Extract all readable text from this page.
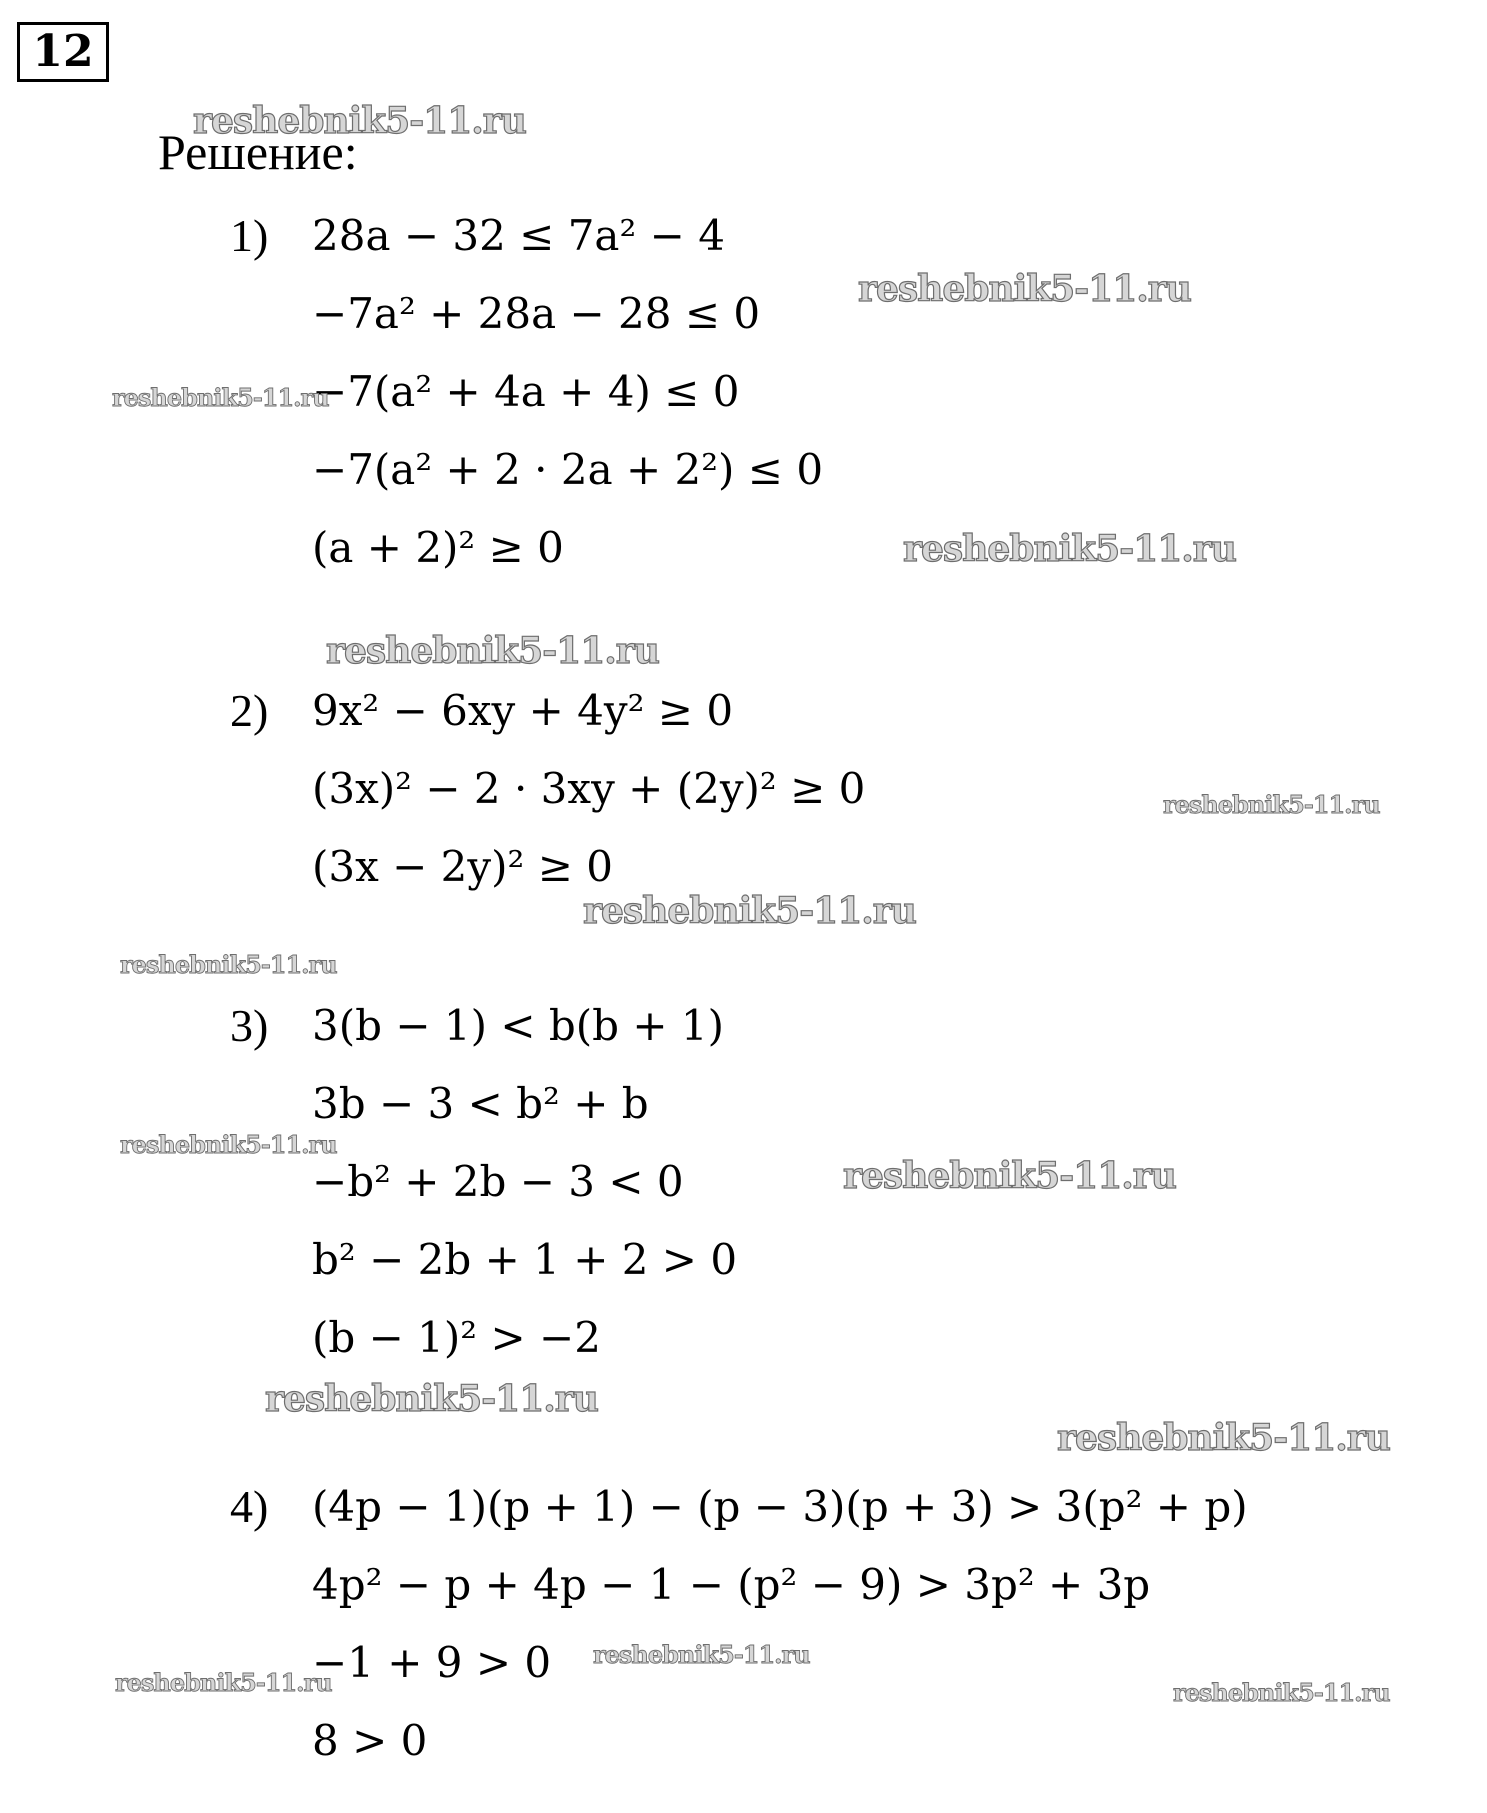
12
Решение:
1) 28a − 32 ≤ 7a² − 4
−7a² + 28a − 28 ≤ 0
−7(a² + 4a + 4) ≤ 0
−7(a² + 2 · 2a + 2²) ≤ 0
(a + 2)² ≥ 0
2) 9x² − 6xy + 4y² ≥ 0
(3x)² − 2 · 3xy + (2y)² ≥ 0
(3x − 2y)² ≥ 0
3) 3(b − 1) < b(b + 1)
3b − 3 < b² + b
−b² + 2b − 3 < 0
b² − 2b + 1 + 2 > 0
(b − 1)² > −2
4) (4p − 1)(p + 1) − (p − 3)(p + 3) > 3(p² + p)
4p² − p + 4p − 1 − (p² − 9) > 3p² + 3p
−1 + 9 > 0
8 > 0
reshebnik5-11.ru
reshebnik5-11.ru
reshebnik5-11.ru
reshebnik5-11.ru
reshebnik5-11.ru
reshebnik5-11.ru
reshebnik5-11.ru
reshebnik5-11.ru
reshebnik5-11.ru
reshebnik5-11.ru
reshebnik5-11.ru
reshebnik5-11.ru
reshebnik5-11.ru
reshebnik5-11.ru	reshebnik5-11.ru
